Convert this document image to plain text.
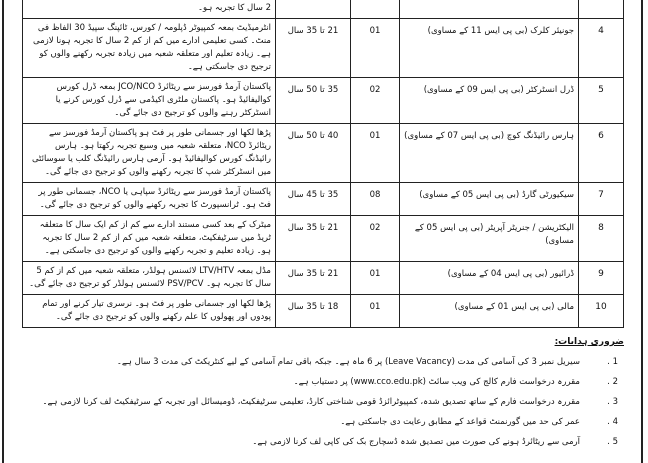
				2 سال کا تجربہ ہو۔
4	جونیئر کلرک (بی پی ایس 11 کے مساوی)	01	21 تا 35 سال	انٹرمیڈیٹ بمعہ کمپیوٹر ڈپلومہ / کورس، ٹائپنگ سپیڈ 30 الفاظ فی منٹ۔ کسی تعلیمی ادارے میں کم از کم 2 سال کا تجربہ ہونا لازمی ہے۔ زیادہ تعلیم اور متعلقہ شعبہ میں زیادہ تجربہ رکھنے والوں کو ترجیح دی جاسکتی ہے۔
5	ڈرل انسٹرکٹر (بی پی ایس 09 کے مساوی)	02	35 تا 50 سال	پاکستان آرمڈ فورسز سے ریٹائرڈ JCO/NCO بمعہ ڈرل کورس کوالیفائیڈ ہو۔ پاکستان ملٹری اکیڈمی سے ڈرل کورس کرنے یا انسٹرکٹر رہنے والوں کو ترجیح دی جائے گی۔
6	ہارس رائیڈنگ کوچ (بی پی ایس 07 کے مساوی)	01	40 تا 50 سال	پڑھا لکھا اور جسمانی طور پر فٹ ہو پاکستان آرمڈ فورسز سے ریٹائرڈ NCO، متعلقہ شعبہ میں وسیع تجربہ رکھتا ہو۔ ہارس رائیڈنگ کورس کوالیفائیڈ ہو۔ آرمی ہارس رائیڈنگ کلب یا سوسائٹی میں انسٹرکٹر شپ کا تجربہ رکھنے والوں کو ترجیح دی جائے گی۔
7	سیکیورٹی گارڈ (بی پی ایس 05 کے مساوی)	08	35 تا 45 سال	پاکستان آرمڈ فورسز سے ریٹائرڈ سپاہی یا NCO، جسمانی طور پر فٹ ہو۔ ٹرانسپورٹ کا تجربہ رکھنے والوں کو ترجیح دی جائے گی۔
8	الیکٹریشن / جنریٹر آپریٹر (بی پی ایس 05 کے مساوی)	02	21 تا 35 سال	میٹرک کے بعد کسی مستند ادارے سے کم از کم ایک سال کا متعلقہ ٹریڈ میں سرٹیفکیٹ، متعلقہ شعبہ میں کم از کم 2 سال کا تجربہ ہو۔ زیادہ تعلیم و تجربہ رکھنے والوں کو ترجیح دی جاسکتی ہے۔
9	ڈرائیور (بی پی ایس 04 کے مساوی)	01	21 تا 35 سال	مڈل بمعہ LTV/HTV لائسنس ہولڈر، متعلقہ شعبہ میں کم از کم 5 سال کا تجربہ ہو۔ PSV/PCV لائسنس ہولڈر کو ترجیح دی جائے گی۔
10	مالی (بی پی ایس 01 کے مساوی)	01	18 تا 35 سال	پڑھا لکھا اور جسمانی طور پر فٹ ہو۔ نرسری تیار کرنے اور تمام پودوں اور پھولوں کا علم رکھنے والوں کو ترجیح دی جائے گی۔
ضروری ہدایات:
1 .
سیریل نمبر 3 کی آسامی کی مدت (Leave Vacancy) پر 6 ماہ ہے۔ جبکہ باقی تمام آسامی کے لیے کنٹریکٹ کی مدت 3 سال ہے۔
2 .
مقررہ درخواست فارم کالج کی ویب سائٹ (www.cco.edu.pk) پر دستیاب ہے۔
3 .
مقررہ درخواست فارم کے ساتھ تصدیق شدہ، کمپیوٹرائزڈ قومی شناختی کارڈ، تعلیمی سرٹیفکیٹ، ڈومیسائل اور تجربہ کے سرٹیفکیٹ لف کرنا لازمی ہے۔
4 .
عمر کی حد میں گورنمنٹ قواعد کے مطابق رعایت دی جاسکتی ہے۔
5 .
آرمی سے ریٹائرڈ ہونے کی صورت میں تصدیق شدہ ڈسچارج بک کی کاپی لف کرنا لازمی ہے۔
